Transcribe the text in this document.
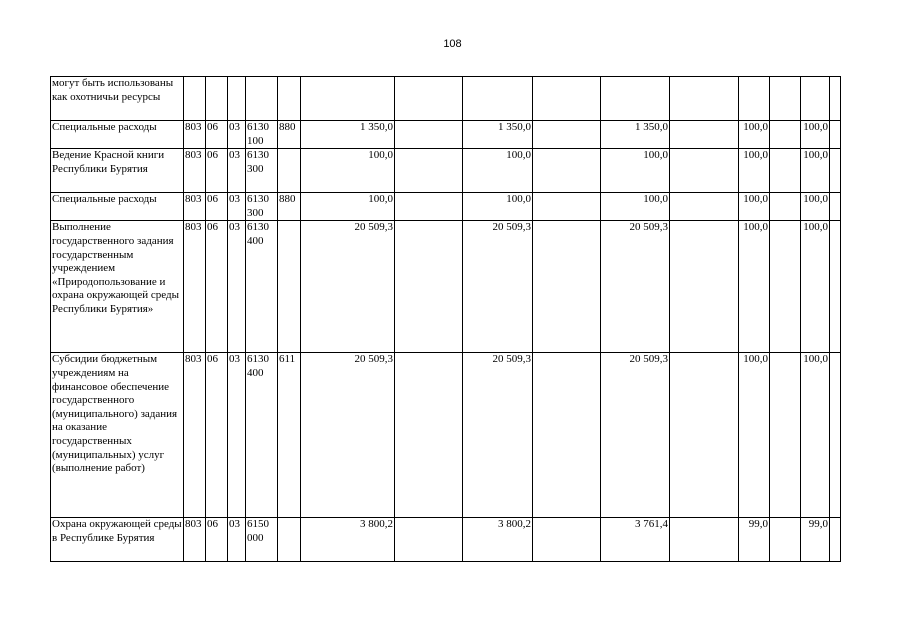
108
могут быть использованы как охотничьи ресурсы															
Специальные расходы	803	06	03	6130 100	880	1 350,0		1 350,0		1 350,0		100,0		100,0	
Ведение Красной книги Республики Бурятия	803	06	03	6130 300		100,0		100,0		100,0		100,0		100,0	
Специальные расходы	803	06	03	6130 300	880	100,0		100,0		100,0		100,0		100,0	
Выполнение государственного задания государственным учреждением «Природопользование и охрана окружающей среды Республики Бурятия»	803	06	03	6130 400		20 509,3		20 509,3		20 509,3		100,0		100,0	
Субсидии бюджетным учреждениям на финансовое обеспечение государственного (муниципального) задания на оказание государственных (муниципальных) услуг (выполнение работ)	803	06	03	6130 400	611	20 509,3		20 509,3		20 509,3		100,0		100,0	
Охрана окружающей среды в Республике Бурятия	803	06	03	6150 000		3 800,2		3 800,2		3 761,4		99,0		99,0	
